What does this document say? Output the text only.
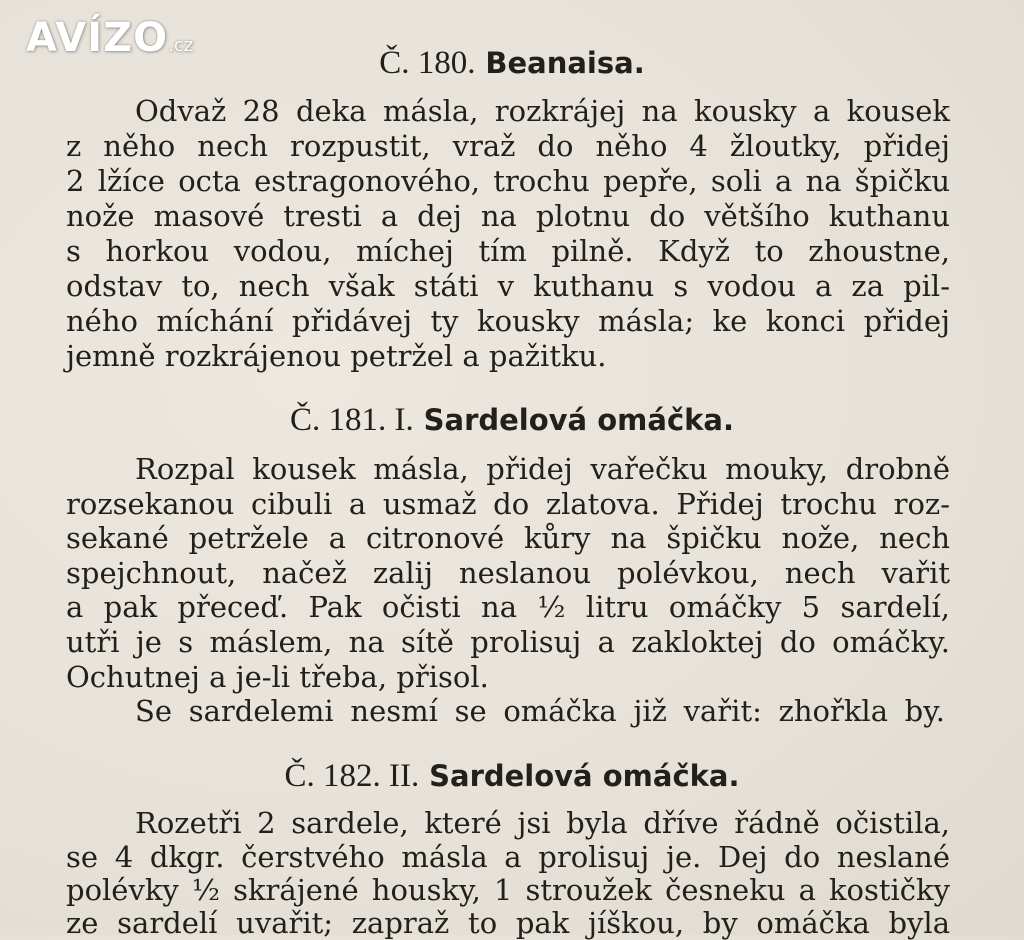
AVÍZO.cz	Č. 180. Beanaisa.
Odvaž 28 deka másla, rozkrájej na kousky a kousek
z něho nech rozpustit, vraž do něho 4 žloutky, přidej
2 lžíce octa estragonového, trochu pepře, soli a na špičku
nože masové tresti a dej na plotnu do většího kuthanu
s horkou vodou, míchej tím pilně. Když to zhoustne,
odstav to, nech však státi v kuthanu s vodou a za pil-
ného míchání přidávej ty kousky másla; ke konci přidej
jemně rozkrájenou petržel a pažitku.
Č. 181. I. Sardelová omáčka.
Rozpal kousek másla, přidej vařečku mouky, drobně
rozsekanou cibuli a usmaž do zlatova. Přidej trochu roz-
sekané petržele a citronové kůry na špičku nože, nech
spejchnout, načež zalij neslanou polévkou, nech vařit
a pak přeceď. Pak očisti na ½ litru omáčky 5 sardelí,
utři je s máslem, na sítě prolisuj a zakloktej do omáčky.
Ochutnej a je-li třeba, přisol.
Se sardelemi nesmí se omáčka již vařit: zhořkla by.
Č. 182. II. Sardelová omáčka.
Rozetři 2 sardele, které jsi byla dříve řádně očistila,
se 4 dkgr. čerstvého másla a prolisuj je. Dej do neslané
polévky ½ skrájené housky, 1 stroužek česneku a kostičky
ze sardelí uvařit; zapraž to pak jíškou, by omáčka byla
